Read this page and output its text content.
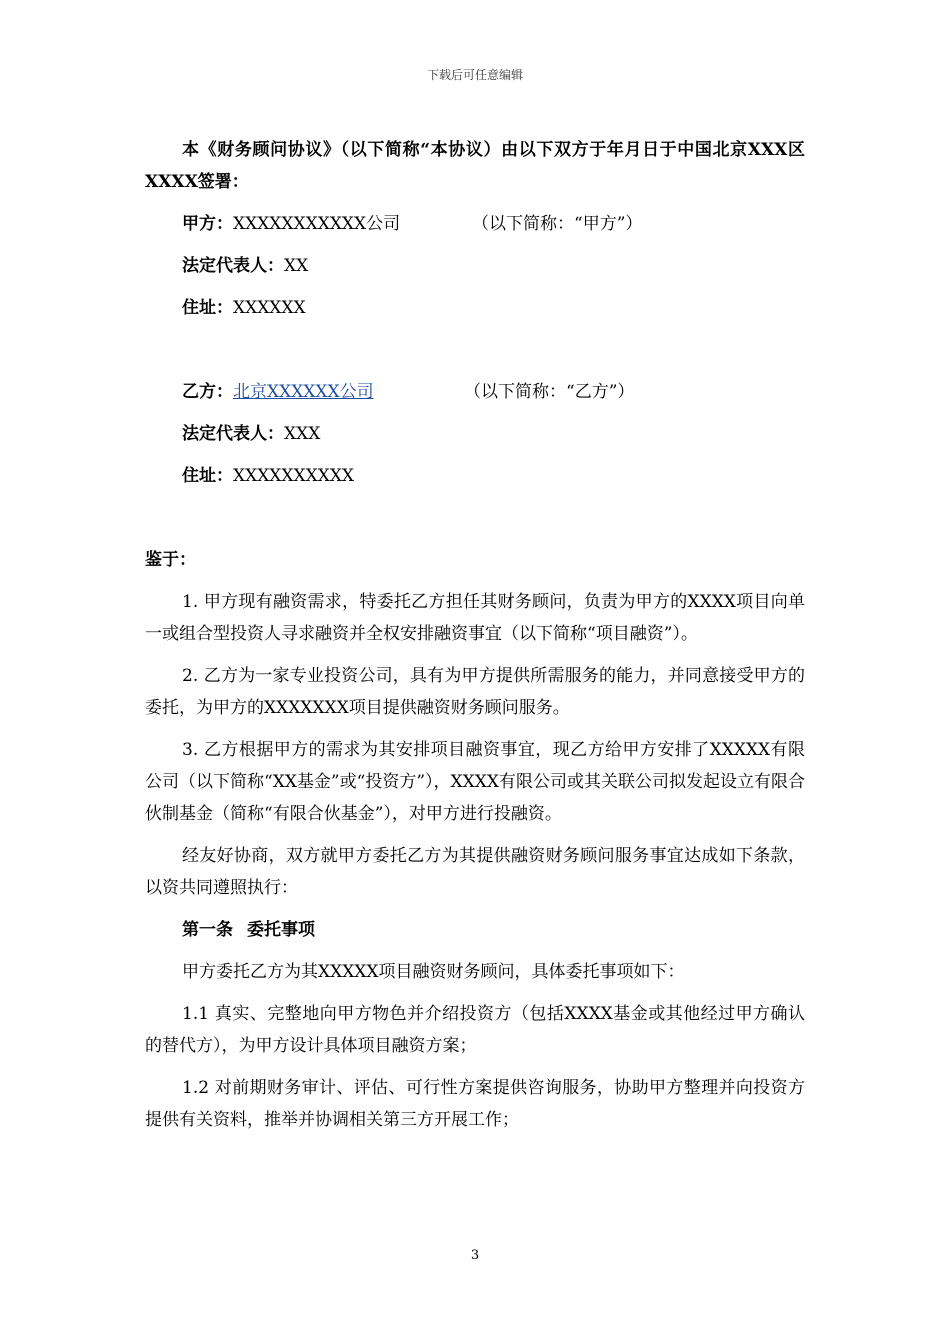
下载后可任意编辑

本《财务顾问协议》（以下简称“本协议）由以下双方于年月日于中国北京XXX区XXXX签署：

甲方：XXXXXXXXXXX公司	（以下简称：“甲方”）
法定代表人：XX
住址：XXXXXX
乙方：北京XXXXXX公司	（以下简称：“乙方”）
法定代表人：XXX
住址：XXXXXXXXXX

鉴于：

1. 甲方现有融资需求，特委托乙方担任其财务顾问，负责为甲方的XXXX项目向单一或组合型投资人寻求融资并全权安排融资事宜（以下简称“项目融资”）。

2. 乙方为一家专业投资公司，具有为甲方提供所需服务的能力，并同意接受甲方的委托，为甲方的XXXXXXX项目提供融资财务顾问服务。

3. 乙方根据甲方的需求为其安排项目融资事宜，现乙方给甲方安排了XXXXX有限公司（以下简称“XX基金”或“投资方”），XXXX有限公司或其关联公司拟发起设立有限合伙制基金（简称“有限合伙基金”），对甲方进行投融资。

经友好协商，双方就甲方委托乙方为其提供融资财务顾问服务事宜达成如下条款，以资共同遵照执行：

第一条 委托事项

甲方委托乙方为其XXXXX项目融资财务顾问，具体委托事项如下：

1.1 真实、完整地向甲方物色并介绍投资方（包括XXXX基金或其他经过甲方确认的替代方），为甲方设计具体项目融资方案；

1.2 对前期财务审计、评估、可行性方案提供咨询服务，协助甲方整理并向投资方提供有关资料，推举并协调相关第三方开展工作；

3
